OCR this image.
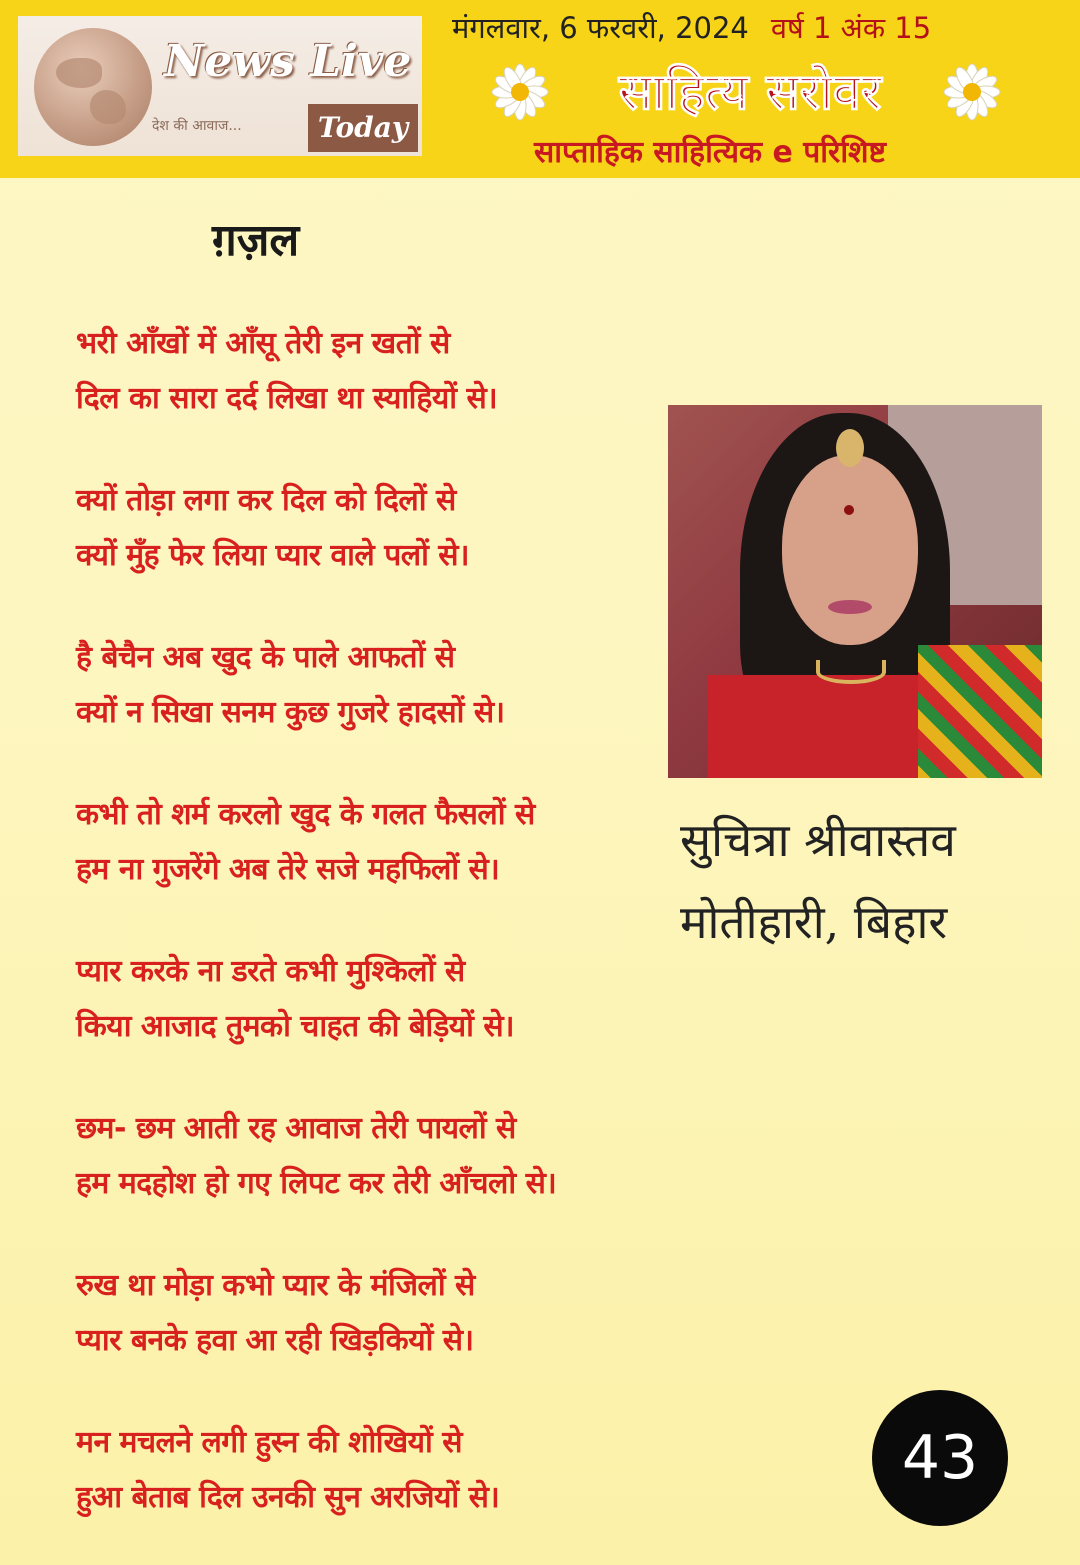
News Live
देश की आवाज...	Today
मंगलवार, 6 फरवरी, 2024 वर्ष 1 अंक 15
साहित्य सरोवर
साप्ताहिक साहित्यिक e परिशिष्ट
ग़ज़ल
भरी आँखों में आँसू तेरी इन खतों से
दिल का सारा दर्द लिखा था स्याहियों से।
क्यों तोड़ा लगा कर दिल को दिलों से
क्यों मुँह फेर लिया प्यार वाले पलों से।
है बेचैन अब खुद के पाले आफतों से
क्यों न सिखा सनम कुछ गुजरे हादसों से।
कभी तो शर्म करलो खुद के गलत फैसलों से
हम ना गुजरेंगे अब तेरे सजे महफिलों से।
प्यार करके ना डरते कभी मुश्किलों से
किया आजाद तुमको चाहत की बेड़ियों से।
छम- छम आती रह आवाज तेरी पायलों से
हम मदहोश हो गए लिपट कर तेरी आँचलो से।
रुख था मोड़ा कभो प्यार के मंजिलों से
प्यार बनके हवा आ रही खिड़कियों से।
मन मचलने लगी हुस्न की शोखियों से
हुआ बेताब दिल उनकी सुन अरजियों से।
सुचित्रा श्रीवास्तव
मोतीहारी, बिहार
43
